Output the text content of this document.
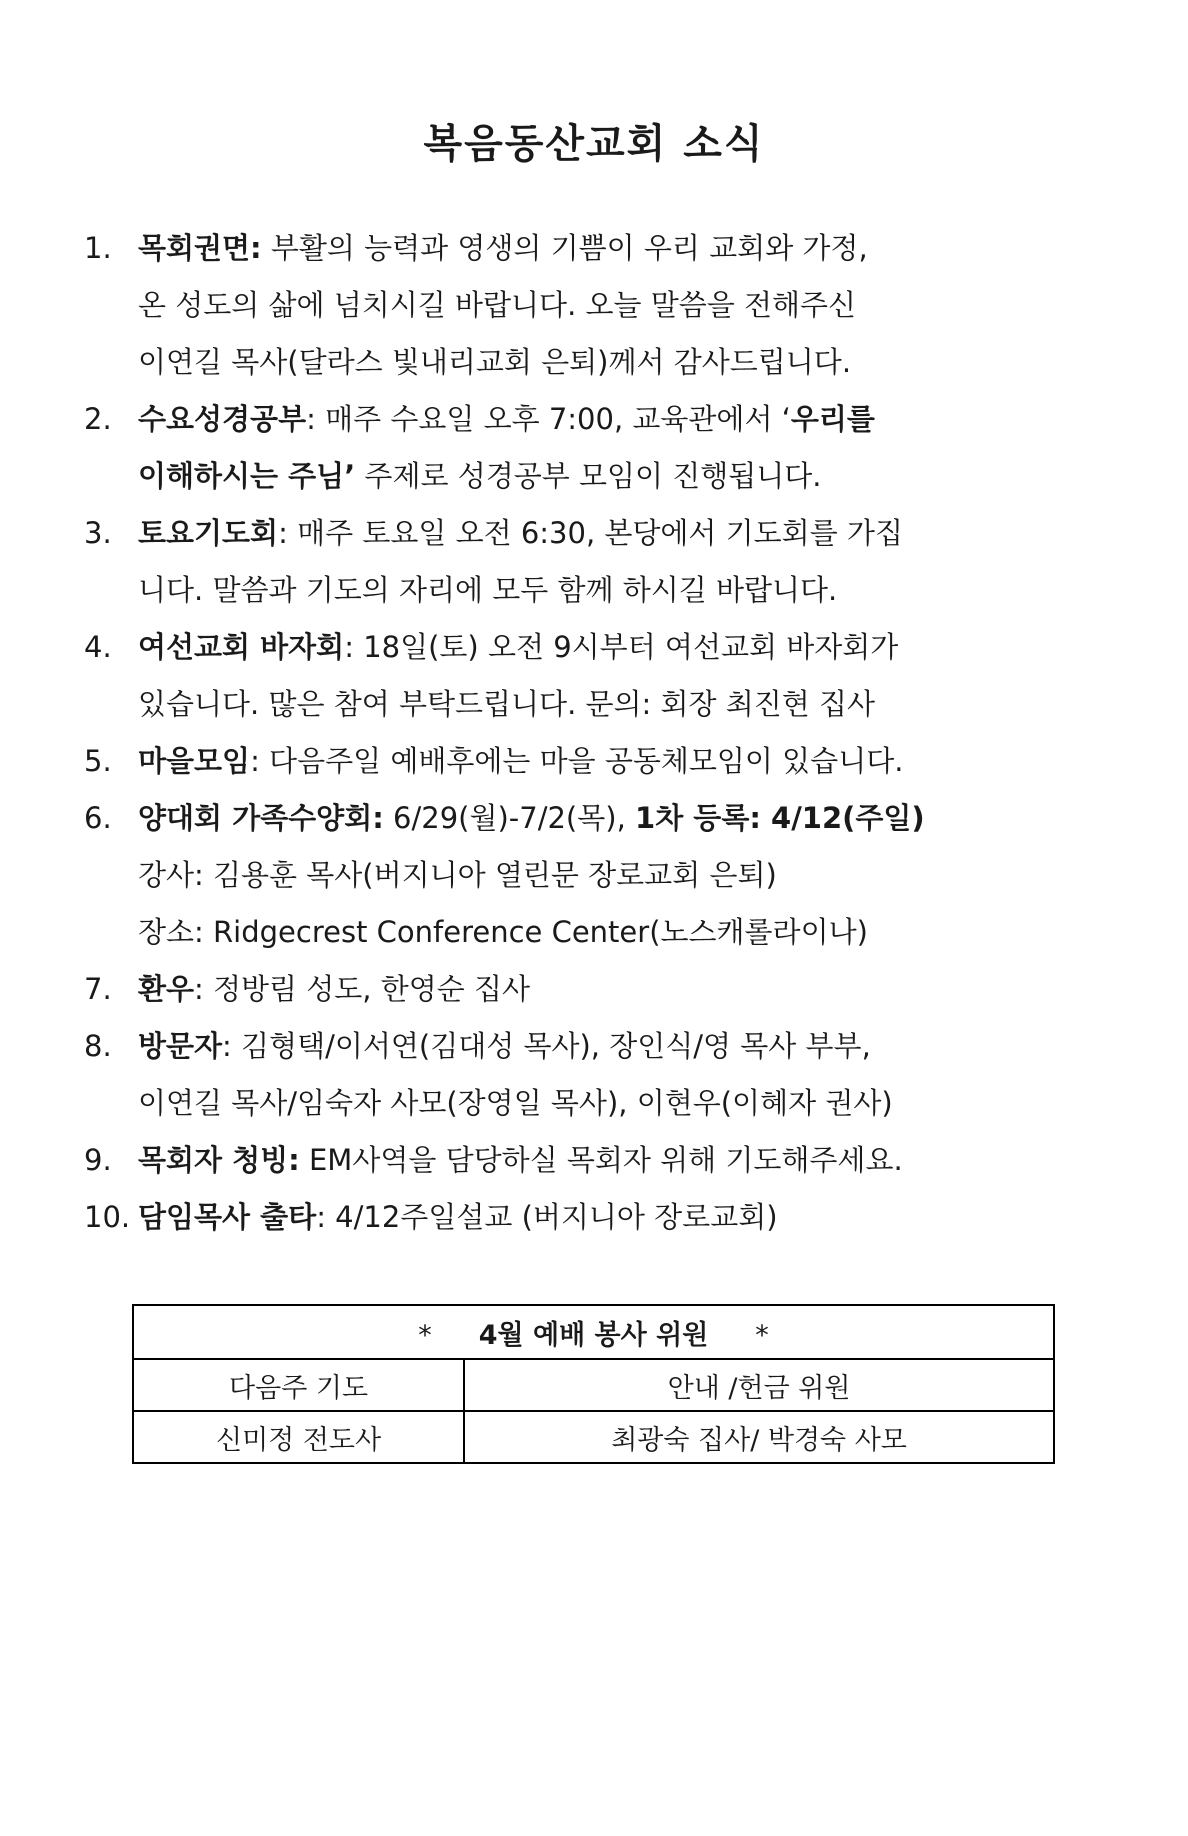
복음동산교회 소식
1. 목회권면: 부활의 능력과 영생의 기쁨이 우리 교회와 가정,
온 성도의 삶에 넘치시길 바랍니다. 오늘 말씀을 전해주신
이연길 목사(달라스 빛내리교회 은퇴)께서 감사드립니다.
2. 수요성경공부: 매주 수요일 오후 7:00, 교육관에서 ‘우리를
이해하시는 주님’ 주제로 성경공부 모임이 진행됩니다.
3. 토요기도회: 매주 토요일 오전 6:30, 본당에서 기도회를 가집
니다. 말씀과 기도의 자리에 모두 함께 하시길 바랍니다.
4. 여선교회 바자회: 18일(토) 오전 9시부터 여선교회 바자회가
있습니다. 많은 참여 부탁드립니다. 문의: 회장 최진현 집사
5. 마을모임: 다음주일 예배후에는 마을 공동체모임이 있습니다.
6. 양대회 가족수양회: 6/29(월)-7/2(목), 1차 등록: 4/12(주일)
강사: 김용훈 목사(버지니아 열린문 장로교회 은퇴)
장소: Ridgecrest Conference Center(노스캐롤라이나)
7. 환우: 정방림 성도, 한영순 집사
8. 방문자: 김형택/이서연(김대성 목사), 장인식/영 목사 부부,
이연길 목사/임숙자 사모(장영일 목사), 이현우(이혜자 권사)
9. 목회자 청빙: EM사역을 담당하실 목회자 위해 기도해주세요.
10. 담임목사 출타: 4/12주일설교 (버지니아 장로교회)
* 4월 예배 봉사 위원 *	
다음주 기도	안내 /헌금 위원
신미정 전도사	최광숙 집사/ 박경숙 사모
